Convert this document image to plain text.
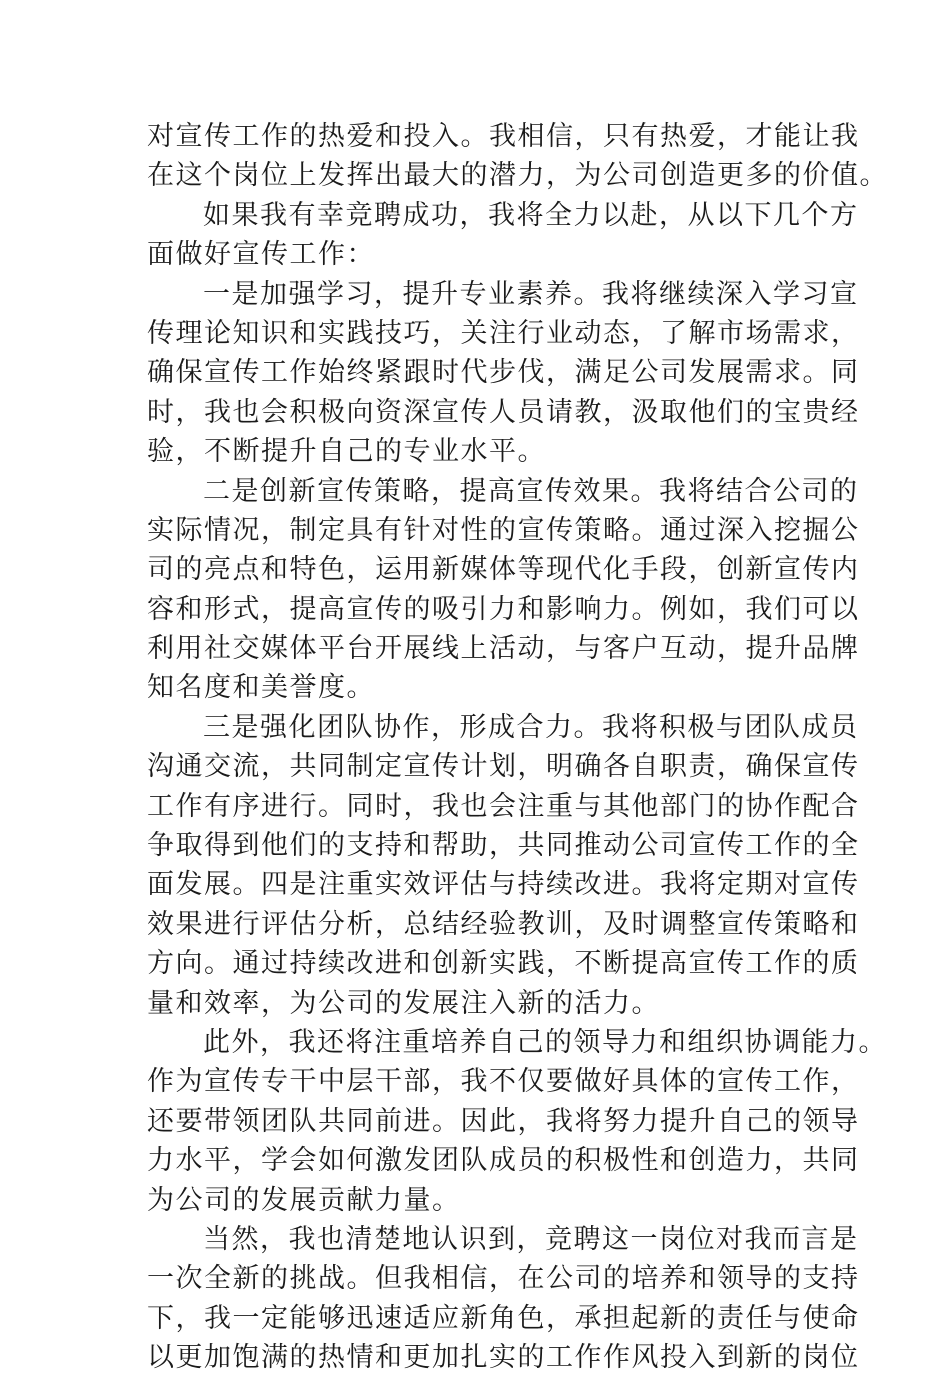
对宣传工作的热爱和投入。我相信，只有热爱，才能让我
在这个岗位上发挥出最大的潜力，为公司创造更多的价值。
如果我有幸竞聘成功，我将全力以赴，从以下几个方
面做好宣传工作：
一是加强学习，提升专业素养。我将继续深入学习宣
传理论知识和实践技巧，关注行业动态，了解市场需求，
确保宣传工作始终紧跟时代步伐，满足公司发展需求。同
时，我也会积极向资深宣传人员请教，汲取他们的宝贵经
验，不断提升自己的专业水平。
二是创新宣传策略，提高宣传效果。我将结合公司的
实际情况，制定具有针对性的宣传策略。通过深入挖掘公
司的亮点和特色，运用新媒体等现代化手段，创新宣传内
容和形式，提高宣传的吸引力和影响力。例如，我们可以
利用社交媒体平台开展线上活动，与客户互动，提升品牌
知名度和美誉度。
三是强化团队协作，形成合力。我将积极与团队成员
沟通交流，共同制定宣传计划，明确各自职责，确保宣传
工作有序进行。同时，我也会注重与其他部门的协作配合
争取得到他们的支持和帮助，共同推动公司宣传工作的全
面发展。四是注重实效评估与持续改进。我将定期对宣传
效果进行评估分析，总结经验教训，及时调整宣传策略和
方向。通过持续改进和创新实践，不断提高宣传工作的质
量和效率，为公司的发展注入新的活力。
此外，我还将注重培养自己的领导力和组织协调能力。
作为宣传专干中层干部，我不仅要做好具体的宣传工作，
还要带领团队共同前进。因此，我将努力提升自己的领导
力水平，学会如何激发团队成员的积极性和创造力，共同
为公司的发展贡献力量。
当然，我也清楚地认识到，竞聘这一岗位对我而言是
一次全新的挑战。但我相信，在公司的培养和领导的支持
下，我一定能够迅速适应新角色，承担起新的责任与使命
以更加饱满的热情和更加扎实的工作作风投入到新的岗位
